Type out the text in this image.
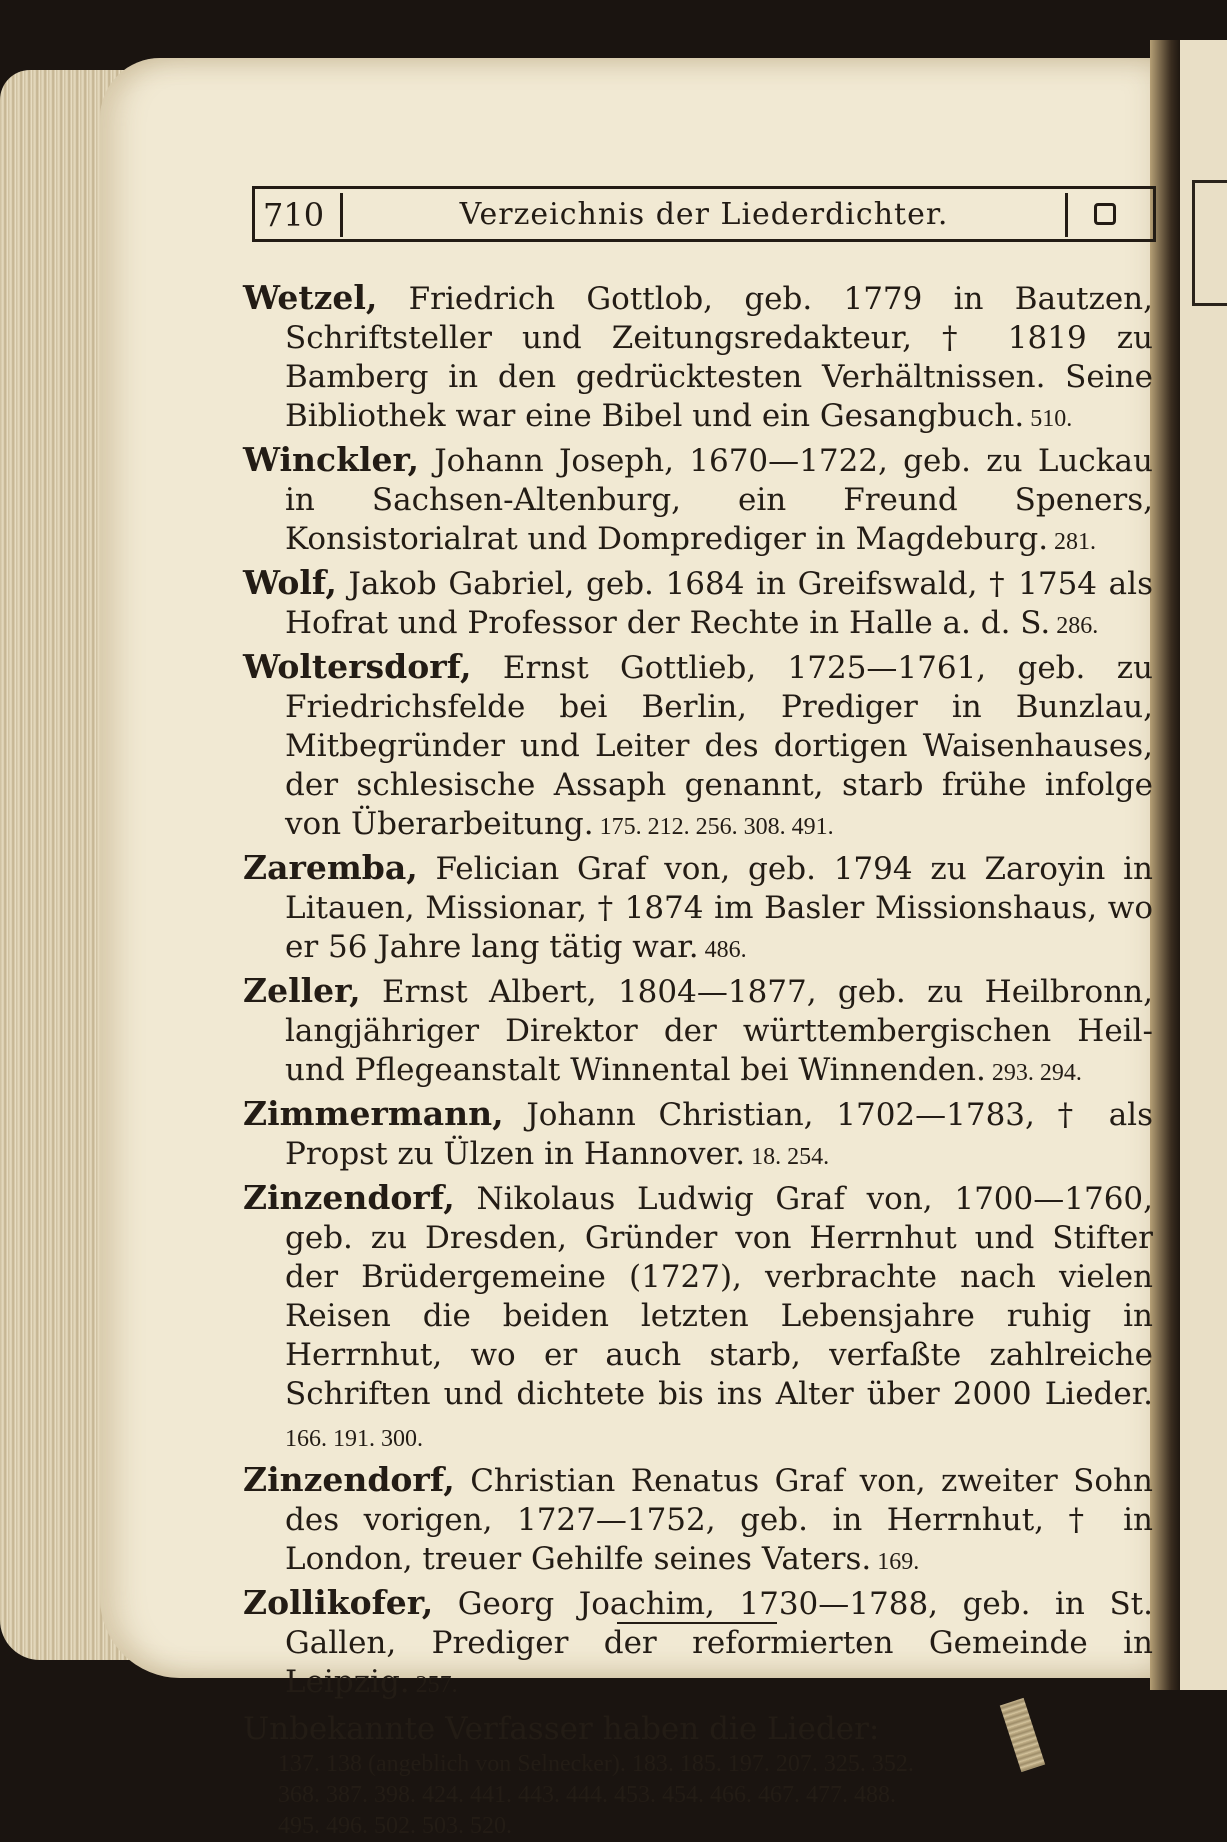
710	Verzeichnis der Liederdichter.

Wetzel, Friedrich Gottlob, geb. 1779 in Bautzen, Schriftsteller und Zeitungsredakteur, † 1819 zu Bamberg in den gedrücktesten Verhältnissen. Seine Bibliothek war eine Bibel und ein Gesangbuch. 510.

Winckler, Johann Joseph, 1670—1722, geb. zu Luckau in Sachsen-Altenburg, ein Freund Speners, Konsistorialrat und Domprediger in Magdeburg. 281.

Wolf, Jakob Gabriel, geb. 1684 in Greifswald, † 1754 als Hofrat und Professor der Rechte in Halle a. d. S. 286.

Woltersdorf, Ernst Gottlieb, 1725—1761, geb. zu Friedrichsfelde bei Berlin, Prediger in Bunzlau, Mitbegründer und Leiter des dortigen Waisenhauses, der schlesische Assaph genannt, starb frühe infolge von Überarbeitung. 175. 212. 256. 308. 491.

Zaremba, Felician Graf von, geb. 1794 zu Zaroyin in Litauen, Missionar, † 1874 im Basler Missionshaus, wo er 56 Jahre lang tätig war. 486.

Zeller, Ernst Albert, 1804—1877, geb. zu Heilbronn, langjähriger Direktor der württembergischen Heil- und Pflegeanstalt Winnental bei Winnenden. 293. 294.

Zimmermann, Johann Christian, 1702—1783, † als Propst zu Ülzen in Hannover. 18. 254.

Zinzendorf, Nikolaus Ludwig Graf von, 1700—1760, geb. zu Dresden, Gründer von Herrnhut und Stifter der Brüdergemeine (1727), verbrachte nach vielen Reisen die beiden letzten Lebensjahre ruhig in Herrnhut, wo er auch starb, verfaßte zahlreiche Schriften und dichtete bis ins Alter über 2000 Lieder. 166. 191. 300.

Zinzendorf, Christian Renatus Graf von, zweiter Sohn des vorigen, 1727—1752, geb. in Herrnhut, † in London, treuer Gehilfe seines Vaters. 169.

Zollikofer, Georg Joachim, 1730—1788, geb. in St. Gallen, Prediger der reformierten Gemeinde in Leipzig. 257.

Unbekannte Verfasser haben die Lieder:
137. 138 (angeblich von Selnecker). 183. 185. 197. 207. 325. 352.
368. 387. 398. 424. 441. 443. 444. 453. 454. 466. 467. 477. 488.
495. 496. 502. 503. 520.
